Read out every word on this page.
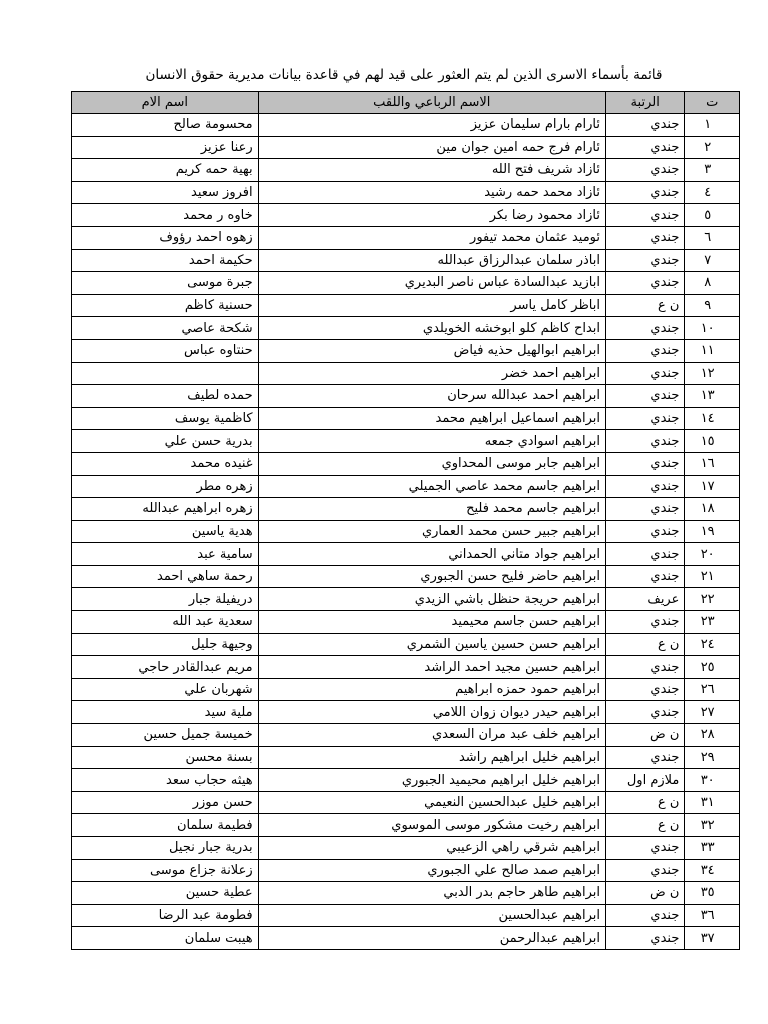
قائمة بأسماء الاسرى الذين لم يتم العثور على قيد لهم في قاعدة بيانات مديرية حقوق الانسان
ت	الرتبة	الاسم الرباعي واللقب	اسم الام
١	جندي	ئارام بارام سليمان عزيز	محسومة صالح
٢	جندي	ئارام فرج حمه امين جوان مين	رعنا عزيز
٣	جندي	ئازاد شريف فتح الله	بهية حمه كريم
٤	جندي	ئازاد محمد حمه رشيد	افروز سعيد
٥	جندي	ئازاد محمود رضا بكر	خاوه ر محمد
٦	جندي	ئوميد عثمان محمد تيفور	زهوه احمد رؤوف
٧	جندي	اباذر سلمان عبدالرزاق عبدالله	حكيمة احمد
٨	جندي	ابازيد عبدالسادة عباس ناصر البديري	جبرة موسى
٩	ن ع	اباظر كامل ياسر	حسنية كاظم
١٠	جندي	ابداح كاظم كلو ابوخشه الخويلدي	شكحة عاصي
١١	جندي	ابراهيم ابوالهيل حذيه فياض	حنتاوه عباس
١٢	جندي	ابراهيم احمد خضر	
١٣	جندي	ابراهيم احمد عبدالله سرحان	حمده لطيف
١٤	جندي	ابراهيم اسماعيل ابراهيم محمد	كاظمية يوسف
١٥	جندي	ابراهيم اسوادي جمعه	بدرية حسن علي
١٦	جندي	ابراهيم جابر موسى المحداوي	غنيده محمد
١٧	جندي	ابراهيم جاسم محمد عاصي الجميلي	زهره مطر
١٨	جندي	ابراهيم جاسم محمد فليح	زهره ابراهيم عبدالله
١٩	جندي	ابراهيم جبير حسن محمد العماري	هدية ياسين
٢٠	جندي	ابراهيم جواد متاني الحمداني	سامية عبد
٢١	جندي	ابراهيم حاضر فليح حسن الجبوري	رحمة ساهي احمد
٢٢	عريف	ابراهيم حريجة حنظل باشي الزيدي	دريفيلة جبار
٢٣	جندي	ابراهيم حسن جاسم محيميد	سعدية عبد الله
٢٤	ن ع	ابراهيم حسن حسين ياسين الشمري	وجيهة جليل
٢٥	جندي	ابراهيم حسين مجيد احمد الراشد	مريم عبدالقادر حاجي
٢٦	جندي	ابراهيم حمود حمزه ابراهيم	شهربان علي
٢٧	جندي	ابراهيم حيدر ديوان زوان اللامي	ملية سيد
٢٨	ن ض	ابراهيم خلف عبد مران السعدي	خميسة جميل حسين
٢٩	جندي	ابراهيم خليل ابراهيم راشد	بسنة محسن
٣٠	ملازم اول	ابراهيم خليل ابراهيم محيميد الجبوري	هيثه حجاب سعد
٣١	ن ع	ابراهيم خليل عبدالحسين النعيمي	حسن موزر
٣٢	ن ع	ابراهيم رخيت مشكور موسى الموسوي	فطيمة سلمان
٣٣	جندي	ابراهيم شرقي راهي الزعيبي	بدرية جبار نجيل
٣٤	جندي	ابراهيم صمد صالح علي الجبوري	زعلانة جزاع موسى
٣٥	ن ض	ابراهيم طاهر حاجم بدر الدبي	عطية حسين
٣٦	جندي	ابراهيم عبدالحسين	فطومة عبد الرضا
٣٧	جندي	ابراهيم عبدالرحمن	هيبت سلمان
